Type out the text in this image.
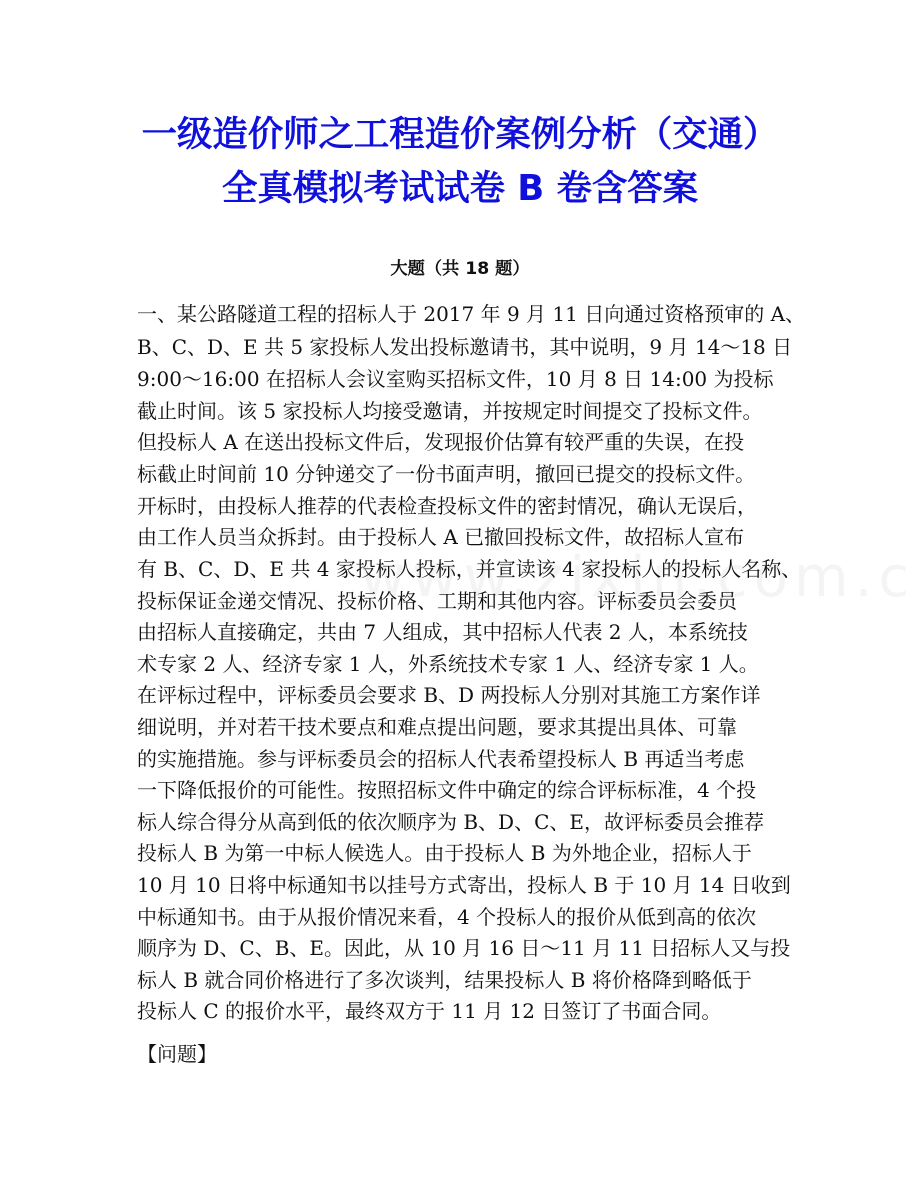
一级造价师之工程造价案例分析（交通）
全真模拟考试试卷 B 卷含答案
大题（共 18 题）
一、某公路隧道工程的招标人于 2017 年 9 月 11 日向通过资格预审的 A、
B、C、D、E 共 5 家投标人发出投标邀请书，其中说明，9 月 14～18 日
9:00～16:00 在招标人会议室购买招标文件，10 月 8 日 14:00 为投标
截止时间。该 5 家投标人均接受邀请，并按规定时间提交了投标文件。
但投标人 A 在送出投标文件后，发现报价估算有较严重的失误，在投
标截止时间前 10 分钟递交了一份书面声明，撤回已提交的投标文件。
开标时，由投标人推荐的代表检查投标文件的密封情况，确认无误后，
由工作人员当众拆封。由于投标人 A 已撤回投标文件，故招标人宣布
有 B、C、D、E 共 4 家投标人投标，并宣读该 4 家投标人的投标人名称、
投标保证金递交情况、投标价格、工期和其他内容。评标委员会委员
由招标人直接确定，共由 7 人组成，其中招标人代表 2 人，本系统技
术专家 2 人、经济专家 1 人，外系统技术专家 1 人、经济专家 1 人。
在评标过程中，评标委员会要求 B、D 两投标人分别对其施工方案作详
细说明，并对若干技术要点和难点提出问题，要求其提出具体、可靠
的实施措施。参与评标委员会的招标人代表希望投标人 B 再适当考虑
一下降低报价的可能性。按照招标文件中确定的综合评标标准，4 个投
标人综合得分从高到低的依次顺序为 B、D、C、E，故评标委员会推荐
投标人 B 为第一中标人候选人。由于投标人 B 为外地企业，招标人于
10 月 10 日将中标通知书以挂号方式寄出，投标人 B 于 10 月 14 日收到
中标通知书。由于从报价情况来看，4 个投标人的报价从低到高的依次
顺序为 D、C、B、E。因此，从 10 月 16 日～11 月 11 日招标人又与投
标人 B 就合同价格进行了多次谈判，结果投标人 B 将价格降到略低于
投标人 C 的报价水平，最终双方于 11 月 12 日签订了书面合同。
【问题】
